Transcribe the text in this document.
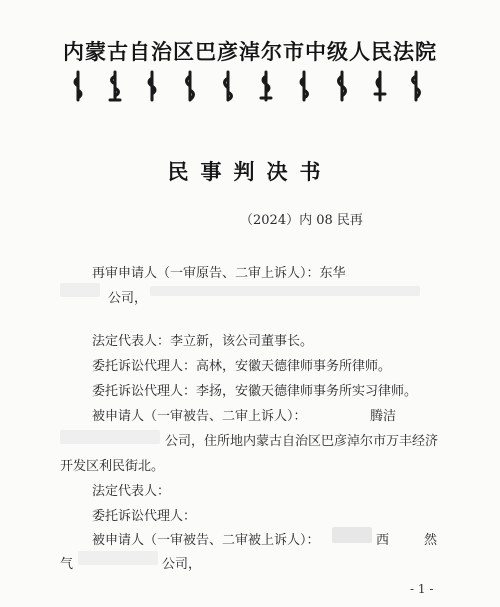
内蒙古自治区巴彦淖尔市中级人民法院
民事判决书
（2024）内 08 民再
再审申请人（一审原告、二审上诉人）：东华
公司，
法定代表人：李立新，该公司董事长。
委托诉讼代理人：高林，安徽天德律师事务所律师。
委托诉讼代理人：李扬，安徽天德律师事务所实习律师。
被申请人（一审被告、二审上诉人）：	腾洁
公司，住所地内蒙古自治区巴彦淖尔市万丰经济
开发区利民街北。
法定代表人：
委托诉讼代理人：
被申请人（一审被告、二审被上诉人）：	西	然
气	公司，
- 1 -
